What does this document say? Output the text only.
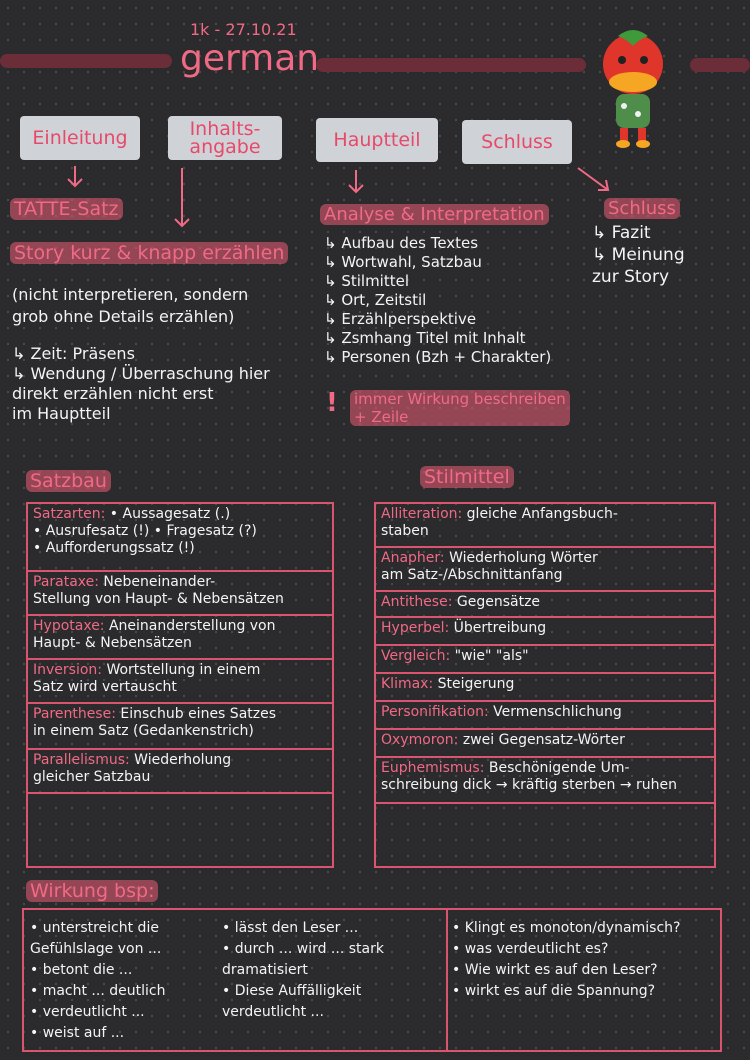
1k - 27.10.21
german
Einleitung	Inhalts-
angabe	Hauptteil	Schluss
TATTE-Satz
Story kurz & knapp erzählen
(nicht interpretieren, sondern
grob ohne Details erzählen)
↳ Zeit: Präsens
↳ Wendung / Überraschung hier
direkt erzählen nicht erst
im Hauptteil
Analyse & Interpretation
↳ Aufbau des Textes
↳ Wortwahl, Satzbau
↳ Stilmittel
↳ Ort, Zeitstil
↳ Erzählperspektive
↳ Zsmhang Titel mit Inhalt
↳ Personen (Bzh + Charakter)
! immer Wirkung beschreiben
+ Zeile
Schluss
↳ Fazit
↳ Meinung
zur Story
Satzbau
Satzarten: • Aussagesatz (.)
• Ausrufesatz (!) • Fragesatz (?)
• Aufforderungssatz (!)
Parataxe: Nebeneinander-
Stellung von Haupt- & Nebensätzen
Hypotaxe: Aneinanderstellung von
Haupt- & Nebensätzen
Inversion: Wortstellung in einem
Satz wird vertauscht
Parenthese: Einschub eines Satzes
in einem Satz (Gedankenstrich)
Parallelismus: Wiederholung
gleicher Satzbau
Stilmittel
Alliteration: gleiche Anfangsbuch-
staben
Anapher: Wiederholung Wörter
am Satz-/Abschnittanfang
Antithese: Gegensätze
Hyperbel: Übertreibung
Vergleich: "wie" "als"
Klimax: Steigerung
Personifikation: Vermenschlichung
Oxymoron: zwei Gegensatz-Wörter
Euphemismus: Beschönigende Um-
schreibung dick → kräftig sterben → ruhen
Wirkung bsp:
• unterstreicht die
Gefühlslage von ...
• betont die ...
• macht ... deutlich
• verdeutlicht ...
• weist auf ...
• lässt den Leser ...
• durch ... wird ... stark
dramatisiert
• Diese Auffälligkeit
verdeutlicht ...
• Klingt es monoton/dynamisch?
• was verdeutlicht es?
• Wie wirkt es auf den Leser?
• wirkt es auf die Spannung?
